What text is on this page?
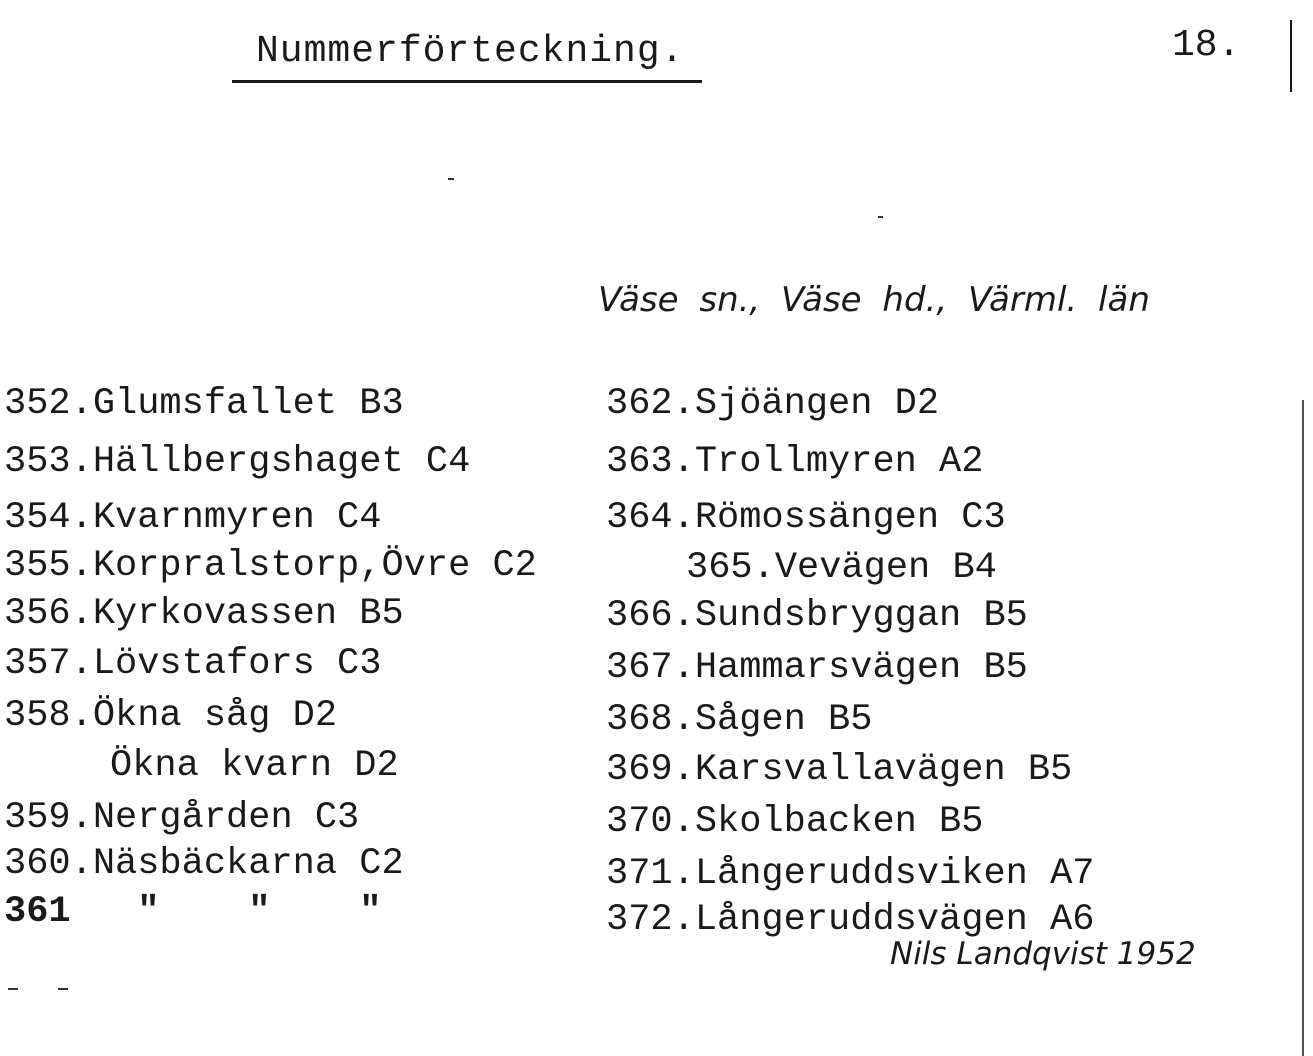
Nummerförteckning.	18.
Väse sn., Väse hd., Värml. län
352.Glumsfallet B3
353.Hällbergshaget C4
354.Kvarnmyren C4
355.Korpralstorp,Övre C2
356.Kyrkovassen B5
357.Lövstafors C3
358.Ökna såg D2
Ökna kvarn D2
359.Nergården C3
360.Näsbäckarna C2
361   "    "    "
362.Sjöängen D2
363.Trollmyren A2
364.Römossängen C3
365.Vevägen B4
366.Sundsbryggan B5
367.Hammarsvägen B5
368.Sågen B5
369.Karsvallavägen B5
370.Skolbacken B5
371.Långeruddsviken A7
372.Långeruddsvägen A6
Nils Landqvist 1952
